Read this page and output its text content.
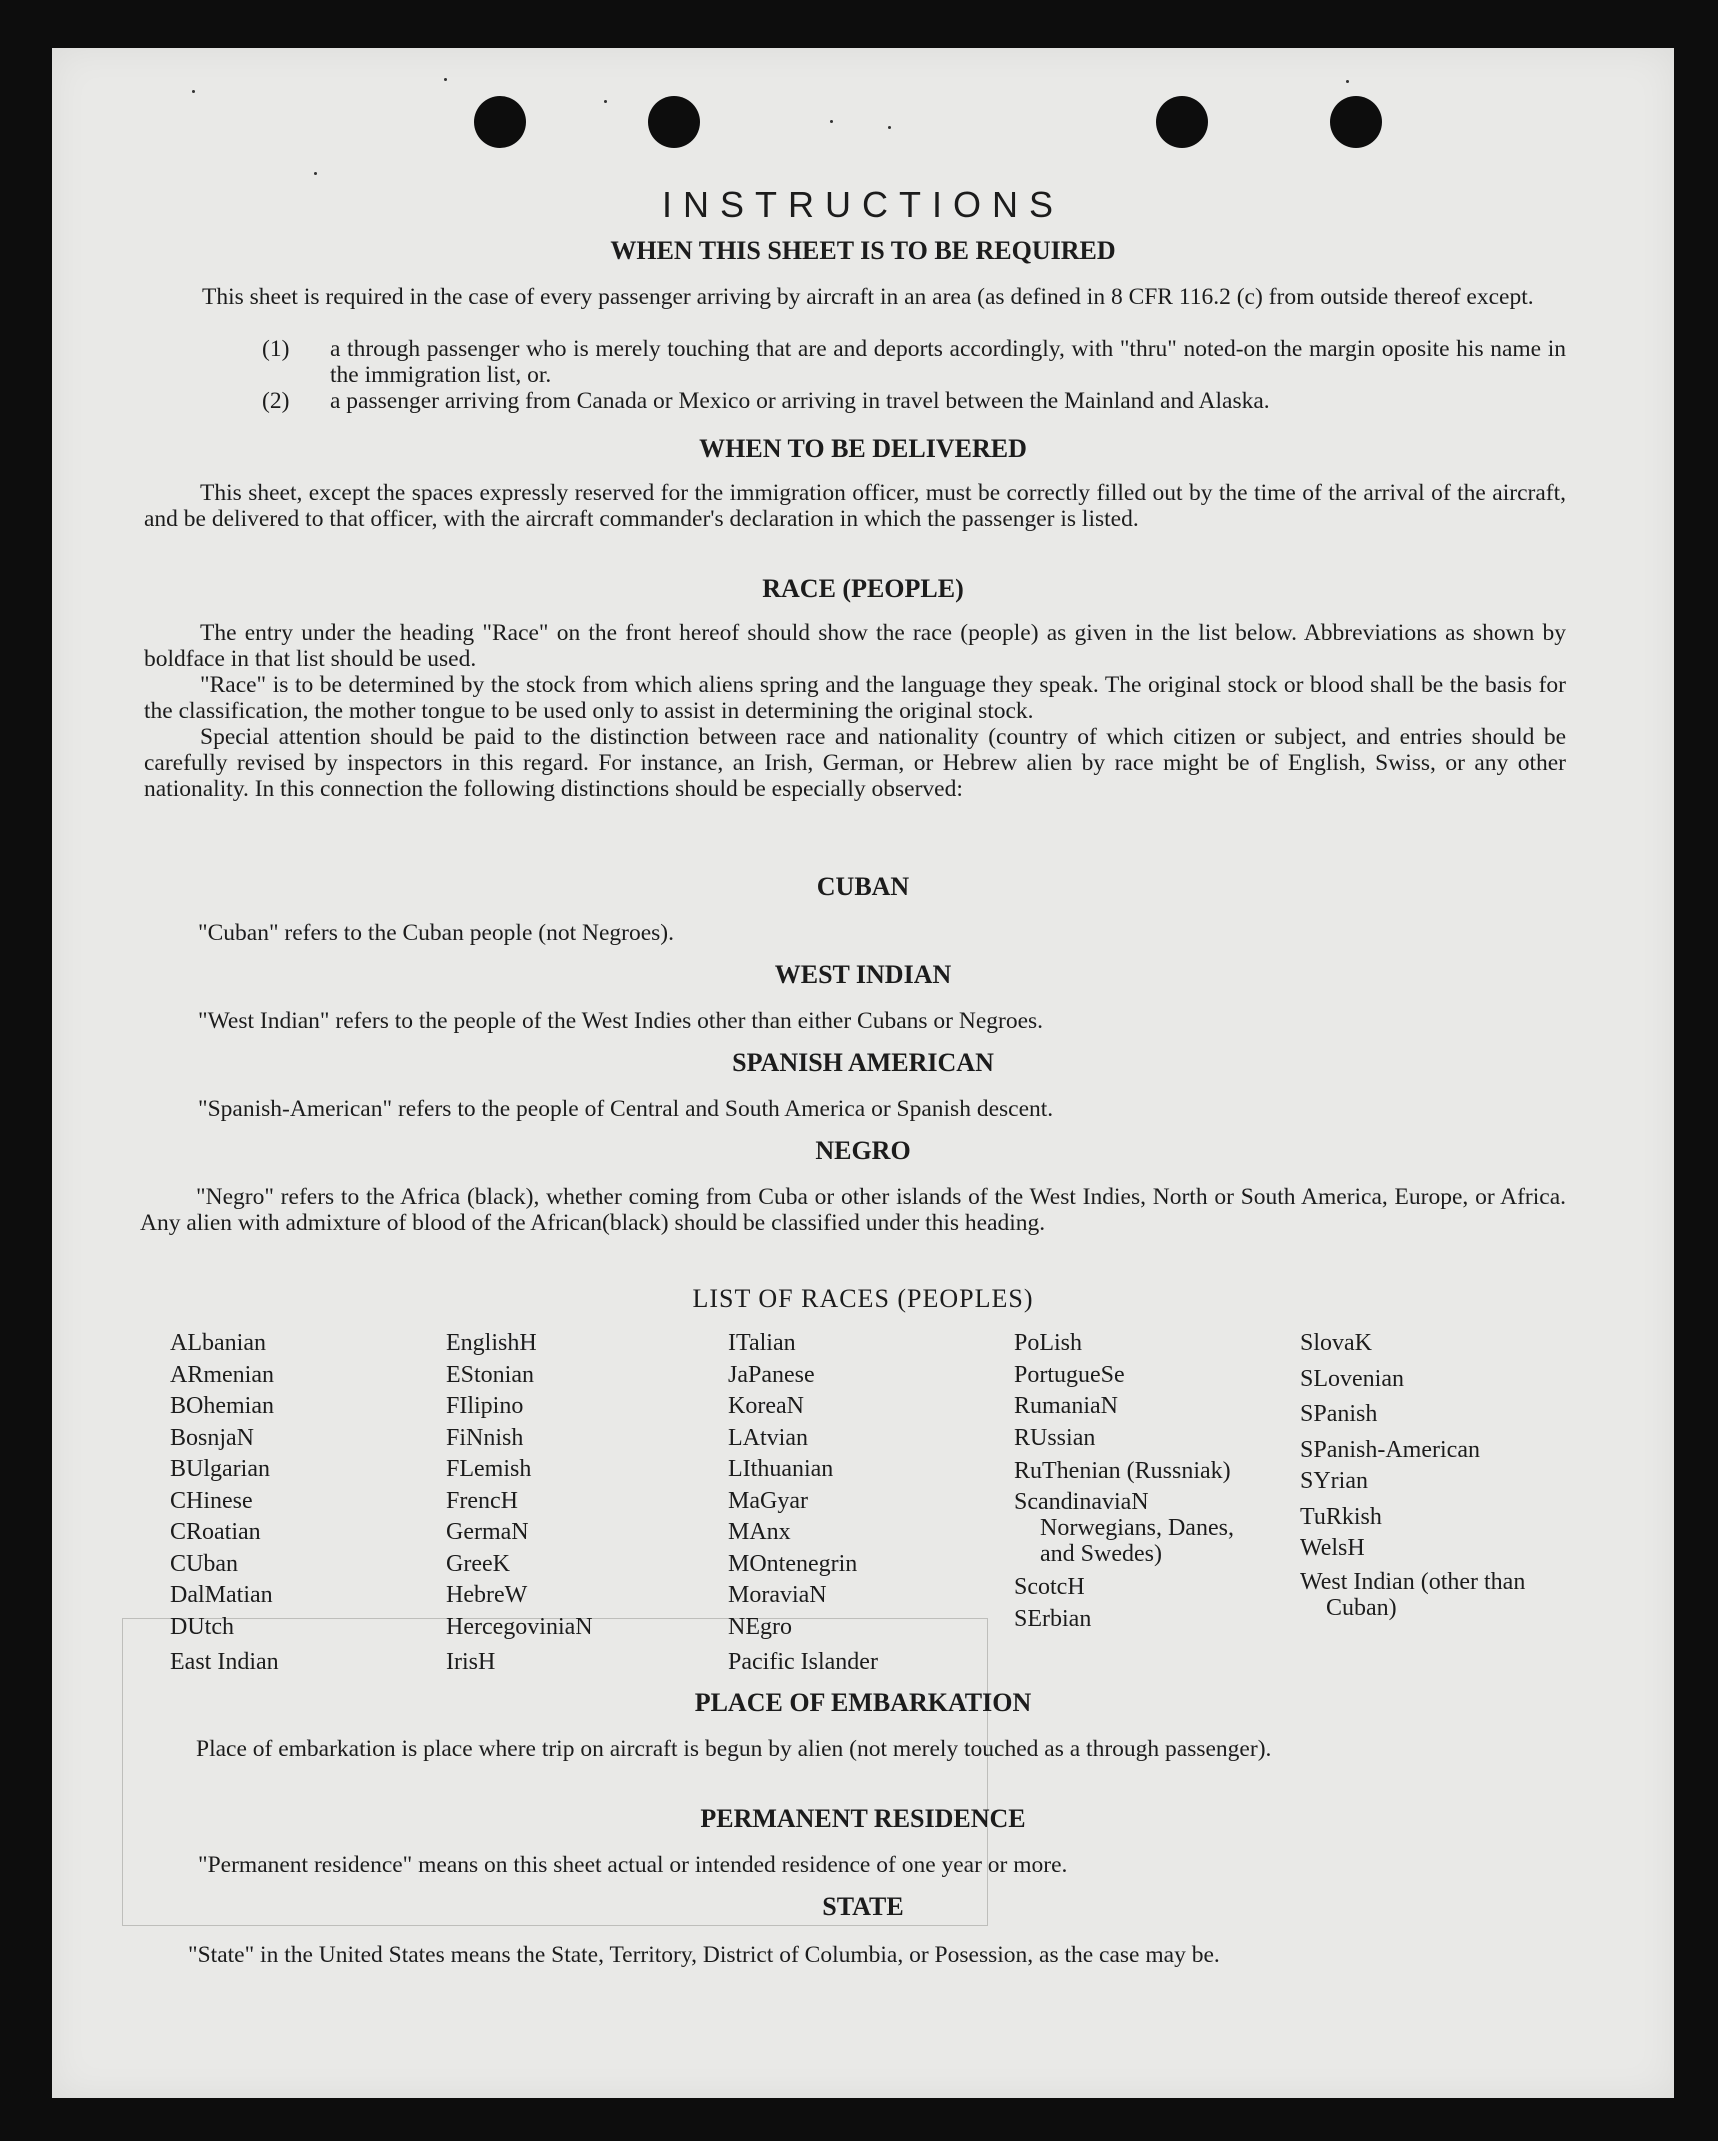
INSTRUCTIONS
WHEN THIS SHEET IS TO BE REQUIRED

This sheet is required in the case of every passenger arriving by aircraft in an area (as defined in 8 CFR 116.2 (c) from outside thereof except.

(1) a through passenger who is merely touching that are and deports accordingly, with "thru" noted-on the margin oposite his name in the immigration list, or.
(2) a passenger arriving from Canada or Mexico or arriving in travel between the Mainland and Alaska.
WHEN TO BE DELIVERED

This sheet, except the spaces expressly reserved for the immigration officer, must be correctly filled out by the time of the arrival of the aircraft, and be delivered to that officer, with the aircraft commander's declaration in which the passenger is listed.

RACE (PEOPLE)

The entry under the heading "Race" on the front hereof should show the race (people) as given in the list below. Abbreviations as shown by boldface in that list should be used.

"Race" is to be determined by the stock from which aliens spring and the language they speak. The original stock or blood shall be the basis for the classification, the mother tongue to be used only to assist in determining the original stock.

Special attention should be paid to the distinction between race and nationality (country of which citizen or subject, and entries should be carefully revised by inspectors in this regard. For instance, an Irish, German, or Hebrew alien by race might be of English, Swiss, or any other nationality. In this connection the following distinctions should be especially observed:

CUBAN
"Cuban" refers to the Cuban people (not Negroes).
WEST INDIAN
"West Indian" refers to the people of the West Indies other than either Cubans or Negroes.
SPANISH AMERICAN
"Spanish-American" refers to the people of Central and South America or Spanish descent.
NEGRO

"Negro" refers to the Africa (black), whether coming from Cuba or other islands of the West Indies, North or South America, Europe, or Africa. Any alien with admixture of blood of the African(black) should be classified under this heading.

LIST OF RACES (PEOPLES)
ALbanian
ARmenian
BOhemian
BosnjaN
BUlgarian
CHinese
CRoatian
CUban
DalMatian
DUtch
East Indian
EnglishH
EStonian
FIlipino
FiNnish
FLemish
FrencH
GermaN
GreeK
HebreW
HercegoviniaN
IrisH
ITalian
JaPanese
KoreaN
LAtvian
LIthuanian
MaGyar
MAnx
MOntenegrin
MoraviaN
NEgro
Pacific Islander
PoLish
PortugueSe
RumaniaN
RUssian
RuThenian (Russniak)
ScandinaviaN Norwegians, Danes, and Swedes)
ScotcH
SErbian
SlovaK
SLovenian
SPanish
SPanish-American
SYrian
TuRkish
WelsH
West Indian (other than Cuban)
PLACE OF EMBARKATION

Place of embarkation is place where trip on aircraft is begun by alien (not merely touched as a through passenger).

PERMANENT RESIDENCE
"Permanent residence" means on this sheet actual or intended residence of one year or more.
STATE
"State" in the United States means the State, Territory, District of Columbia, or Posession, as the case may be.
